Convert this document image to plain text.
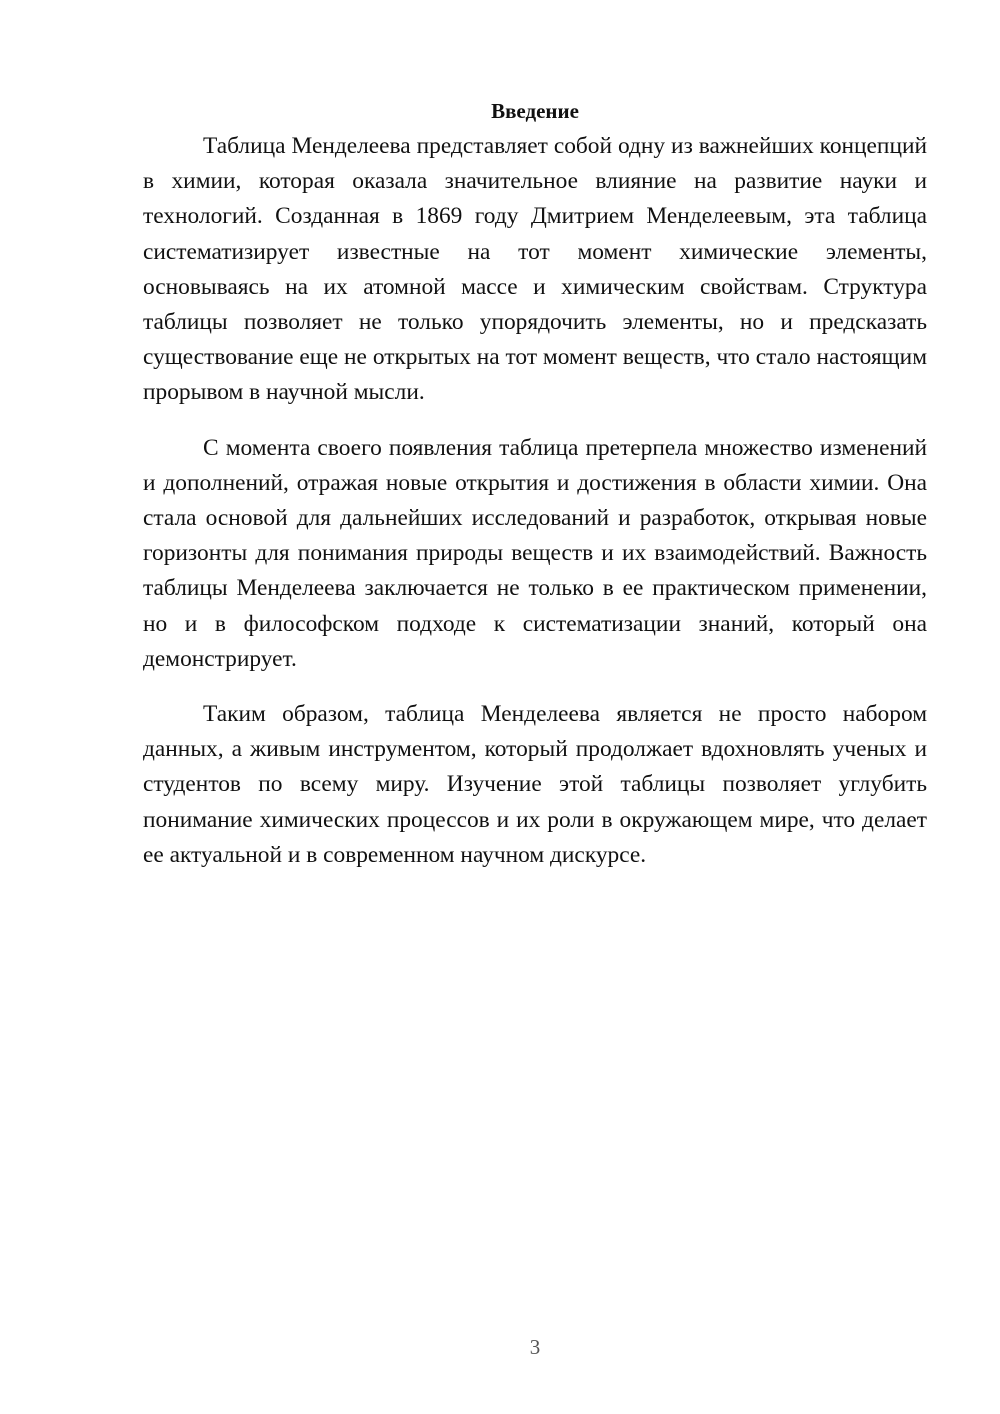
Введение

Таблица Менделеева представляет собой одну из важнейших концепций в химии, которая оказала значительное влияние на развитие науки и технологий. Созданная в 1869 году Дмитрием Менделеевым, эта таблица систематизирует известные на тот момент химические элементы, основываясь на их атомной массе и химическим свойствам. Структура таблицы позволяет не только упорядочить элементы, но и предсказать существование еще не открытых на тот момент веществ, что стало настоящим прорывом в научной мысли.

С момента своего появления таблица претерпела множество изменений и дополнений, отражая новые открытия и достижения в области химии. Она стала основой для дальнейших исследований и разработок, открывая новые горизонты для понимания природы веществ и их взаимодействий. Важность таблицы Менделеева заключается не только в ее практическом применении, но и в философском подходе к систематизации знаний, который она демонстрирует.

Таким образом, таблица Менделеева является не просто набором данных, а живым инструментом, который продолжает вдохновлять ученых и студентов по всему миру. Изучение этой таблицы позволяет углубить понимание химических процессов и их роли в окружающем мире, что делает ее актуальной и в современном научном дискурсе.

3
